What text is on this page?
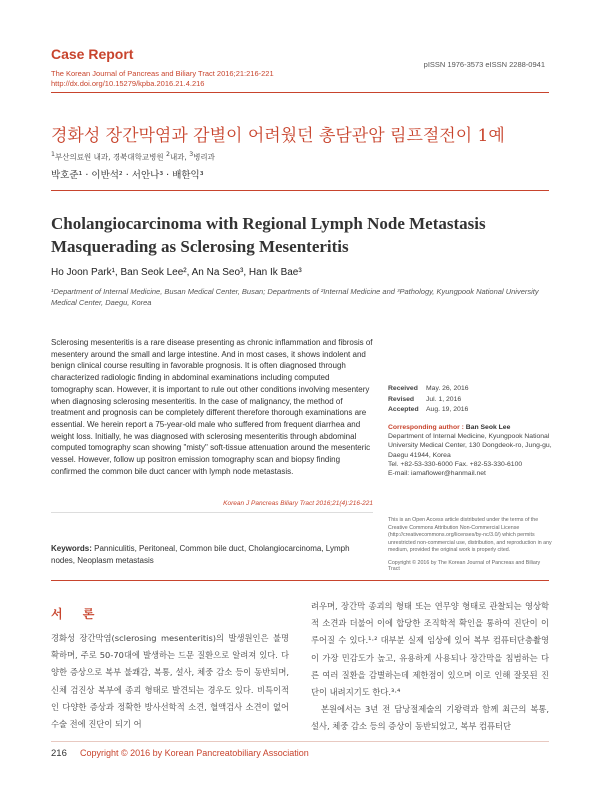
Case Report
The Korean Journal of Pancreas and Biliary Tract 2016;21:216-221
http://dx.doi.org/10.15279/kpba.2016.21.4.216
pISSN 1976-3573 eISSN 2288-0941
경화성 장간막염과 감별이 어려웠던 총담관암 림프절전이 1예
$^1$부산의료원 내과, 경북대학교병원 $^2$내과, $^3$병리과
박호준¹ · 이반석² · 서안나³ · 배한익³
Cholangiocarcinoma with Regional Lymph Node Metastasis Masquerading as Sclerosing Mesenteritis
Ho Joon Park¹, Ban Seok Lee², An Na Seo³, Han Ik Bae³
¹Department of Internal Medicine, Busan Medical Center, Busan; Departments of ²Internal Medicine and ³Pathology, Kyungpook National University Medical Center, Daegu, Korea
Sclerosing mesenteritis is a rare disease presenting as chronic inflammation and fibrosis of mesentery around the small and large intestine. And in most cases, it shows indolent and benign clinical course resulting in favorable prognosis. It is often diagnosed through characterized radiologic finding in abdominal examinations including computed tomography scan. However, it is important to rule out other conditions involving mesentery when diagnosing sclerosing mesenteritis. In the case of malignancy, the method of treatment and prognosis can be completely different therefore thorough examinations are essential. We herein report a 75-year-old male who suffered from frequent diarrhea and weight loss. Initially, he was diagnosed with sclerosing mesenteritis through abdominal computed tomography scan showing "misty" soft-tissue attenuation around the mesenteric vessel. However, follow up positron emission tomography scan and biopsy finding confirmed the common bile duct cancer with lymph node metastasis.
Korean J Pancreas Biliary Tract 2016;21(4):216-221
Keywords: Panniculitis, Peritoneal, Common bile duct, Cholangiocarcinoma, Lymph nodes, Neoplasm metastasis
Received May. 26, 2016
Revised Jul. 1, 2016
Accepted Aug. 19, 2016
Corresponding author : Ban Seok Lee
Department of Internal Medicine, Kyungpook National University Medical Center, 130 Dongdeok-ro, Jung-gu, Daegu 41944, Korea
Tel. +82-53-330-6000 Fax. +82-53-330-6100
E-mail: iamaflower@hanmail.net
This is an Open Access article distributed under the terms of the Creative Commons Attribution Non-Commercial License (http://creativecommons.org/licenses/by-nc/3.0/) which permits unrestricted non-commercial use, distribution, and reproduction in any medium, provided the original work is properly cited.
Copyright © 2016 by The Korean Journal of Pancreas and Biliary Tract
서 론
경화성 장간막염(sclerosing mesenteritis)의 발생원인은 불명확하며, 주로 50-70대에 발생하는 드문 질환으로 알려져 있다. 다양한 증상으로 복부 불쾌감, 복통, 설사, 체중 감소 등이 동반되며, 신체 검진상 복부에 종괴 형태로 발견되는 경우도 있다. 비특이적인 다양한 증상과 정확한 방사선학적 소견, 혈액검사 소견이 없어 수술 전에 진단이 되기 어
려우며, 장간막 종괴의 형태 또는 연무양 형태로 관찰되는 영상학적 소견과 더불어 이에 합당한 조직학적 확인을 통하여 진단이 이루어질 수 있다.¹·² 대부분 실제 임상에 있어 복부 컴퓨터단층촬영이 가장 민감도가 높고, 유용하게 사용되나 장간막을 침범하는 다른 여러 질환을 감별하는데 제한점이 있으며 이로 인해 잘못된 진단이 내려지기도 한다.³·⁴
본원에서는 3년 전 담낭절제술의 기왕력과 함께 최근의 복통, 설사, 체중 감소 등의 증상이 동반되었고, 복부 컴퓨터단
216 Copyright © 2016 by Korean Pancreatobiliary Association
